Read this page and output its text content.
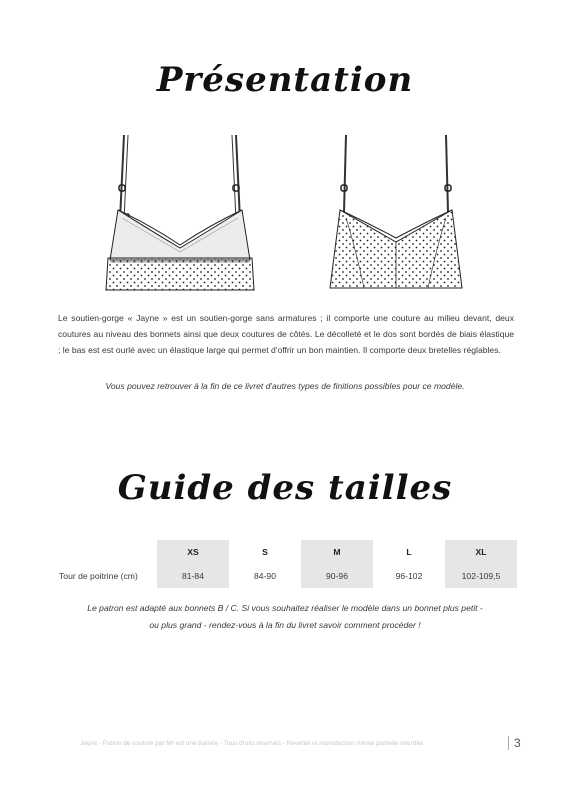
Présentation
Le soutien-gorge « Jayne » est un soutien-gorge sans armatures ; il comporte une couture au milieu devant, deux coutures au niveau des bonnets ainsi que deux coutures de côtés. Le décolleté et le dos sont bordés de biais élastique ; le bas est est ourlé avec un élastique large qui permet d'offrir un bon maintien. Il comporte deux bretelles réglables.
Vous pouvez retrouver à la fin de ce livret d'autres types de finitions possibles pour ce modèle.
Guide des tailles
	XS	S	M	L	XL
Tour de poitrine (cm)	81-84	84-90	90-96	96-102	102-109,5
Le patron est adapté aux bonnets B / C. Si vous souhaitez réaliser le modèle dans un bonnet plus petit -
ou plus grand - rendez-vous à la fin du livret savoir comment procéder !
Jayne - Patron de couture par Mr est une traînée - Tous droits réservés - Revente et reproduction même partielle interdite	3
